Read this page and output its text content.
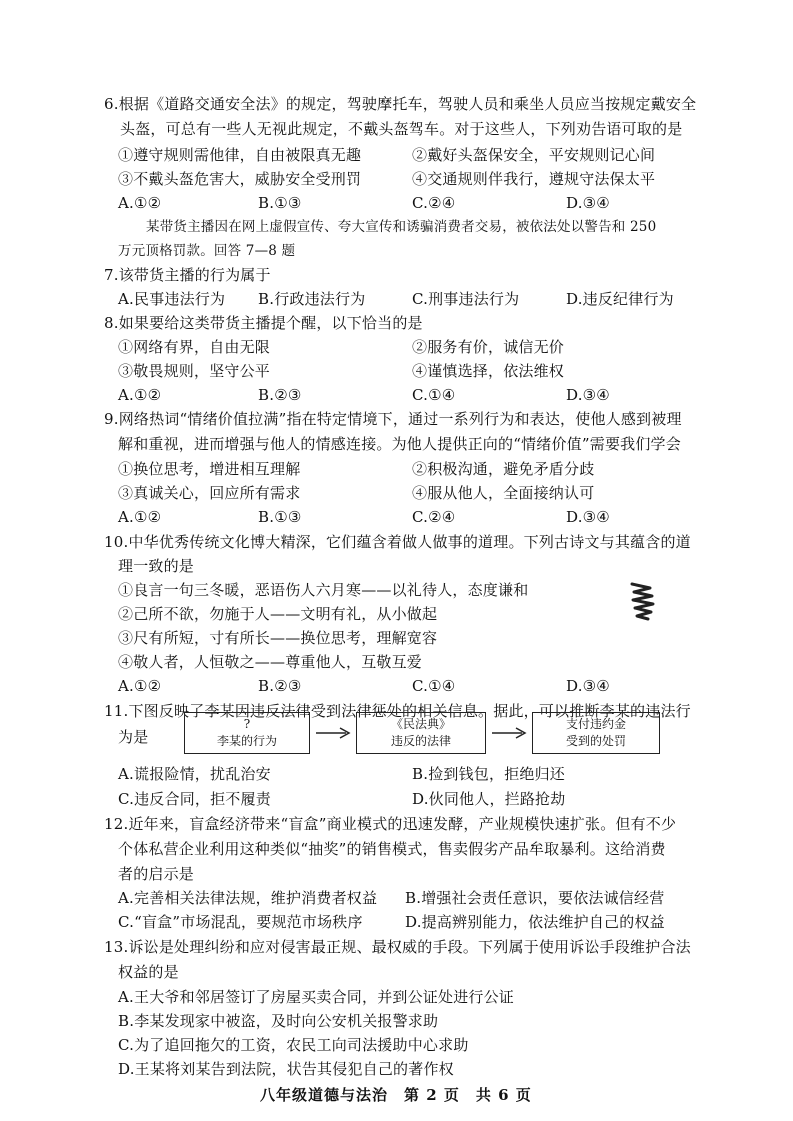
6.根据《道路交通安全法》的规定，驾驶摩托车，驾驶人员和乘坐人员应当按规定戴安全
头盔，可总有一些人无视此规定，不戴头盔驾车。对于这些人，下列劝告语可取的是
①遵守规则需他律，自由被限真无趣	②戴好头盔保安全，平安规则记心间
③不戴头盔危害大，威胁安全受刑罚	④交通规则伴我行，遵规守法保太平
A.①②	B.①③	C.②④	D.③④
某带货主播因在网上虚假宣传、夸大宣传和诱骗消费者交易，被依法处以警告和 250
万元顶格罚款。回答 7—8 题
7.该带货主播的行为属于
A.民事违法行为 B.行政违法行为	C.刑事违法行为	D.违反纪律行为
8.如果要给这类带货主播提个醒，以下恰当的是
①网络有界，自由无限	②服务有价，诚信无价
③敬畏规则，坚守公平	④谨慎选择，依法维权
A.①②	B.②③	C.①④	D.③④
9.网络热词“情绪价值拉满”指在特定情境下，通过一系列行为和表达，使他人感到被理
解和重视，进而增强与他人的情感连接。为他人提供正向的“情绪价值”需要我们学会
①换位思考，增进相互理解	②积极沟通，避免矛盾分歧
③真诚关心，回应所有需求	④服从他人，全面接纳认可
A.①②	B.①③	C.②④	D.③④
10.中华优秀传统文化博大精深，它们蕴含着做人做事的道理。下列古诗文与其蕴含的道
理一致的是
①良言一句三冬暖，恶语伤人六月寒——以礼待人，态度谦和
②己所不欲，勿施于人——文明有礼，从小做起
③尺有所短，寸有所长——换位思考，理解宽容
④敬人者，人恒敬之——尊重他人，互敬互爱
A.①②	B.②③	C.①④	D.③④
11.下图反映了李某因违反法律受到法律惩处的相关信息。据此，可以推断李某的违法行
为是
?
李某的行为
《民法典》
违反的法律
支付违约金
受到的处罚
A.谎报险情，扰乱治安	B.捡到钱包，拒绝归还
C.违反合同，拒不履责	D.伙同他人，拦路抢劫
12.近年来，盲盒经济带来“盲盒”商业模式的迅速发酵，产业规模快速扩张。但有不少
个体私营企业利用这种类似“抽奖”的销售模式，售卖假劣产品牟取暴利。这给消费
者的启示是
A.完善相关法律法规，维护消费者权益 B.增强社会责任意识，要依法诚信经营
C.“盲盒”市场混乱，要规范市场秩序	D.提高辨别能力，依法维护自己的权益
13.诉讼是处理纠纷和应对侵害最正规、最权威的手段。下列属于使用诉讼手段维护合法
权益的是
A.王大爷和邻居签订了房屋买卖合同，并到公证处进行公证
B.李某发现家中被盗，及时向公安机关报警求助
C.为了追回拖欠的工资，农民工向司法援助中心求助
D.王某将刘某告到法院，状告其侵犯自己的著作权
八年级道德与法治　第 2 页　共 6 页
